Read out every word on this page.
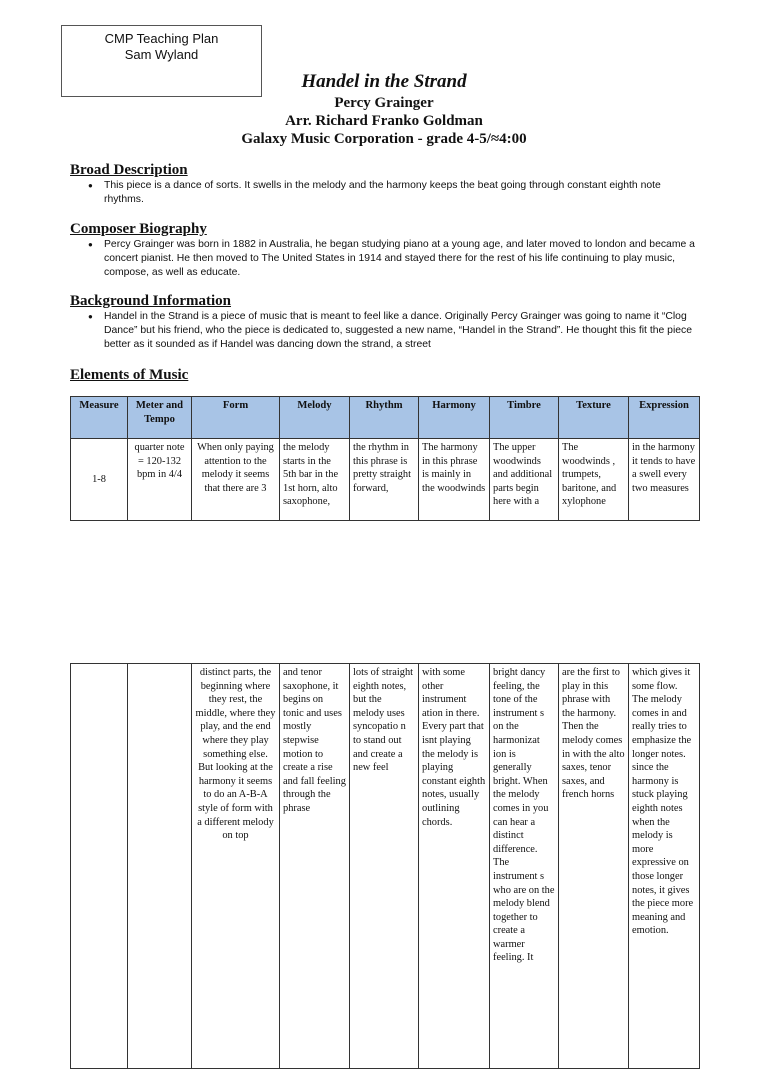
CMP Teaching Plan
Sam Wyland
Handel in the Strand
Percy Grainger
Arr. Richard Franko Goldman
Galaxy Music Corporation - grade 4-5/≈4:00
Broad Description
● This piece is a dance of sorts. It swells in the melody and the harmony keeps the beat going through constant eighth note rhythms.
Composer Biography
● Percy Grainger was born in 1882 in Australia, he began studying piano at a young age, and later moved to london and became a concert pianist. He then moved to The United States in 1914 and stayed there for the rest of his life continuing to play music, compose, as well as educate.
Background Information
● Handel in the Strand is a piece of music that is meant to feel like a dance. Originally Percy Grainger was going to name it “Clog Dance” but his friend, who the piece is dedicated to, suggested a new name, “Handel in the Strand”. He thought this fit the piece better as it sounded as if Handel was dancing down the strand, a street
Elements of Music
Measure	Meter and Tempo	Form	Melody	Rhythm	Harmony	Timbre	Texture	Expression
1-8	quarter note = 120-132 bpm in 4/4	When only paying attention to the melody it seems that there are 3	the melody starts in the 5th bar in the 1st horn, alto saxophone,	the rhythm in this phrase is pretty straight forward,	The harmony in this phrase is mainly in the woodwinds	The upper woodwinds and additional parts begin here with a	The woodwinds , trumpets, baritone, and xylophone	in the harmony it tends to have a swell every two measures
		distinct parts, the beginning where they rest, the middle, where they play, and the end where they play something else. But looking at the harmony it seems to do an A-B-A style of form with a different melody on top	and tenor saxophone, it begins on tonic and uses mostly stepwise motion to create a rise and fall feeling through the phrase	lots of straight eighth notes, but the melody uses syncopatio n to stand out and create a new feel	with some other instrument ation in there. Every part that isnt playing the melody is playing constant eighth notes, usually outlining chords.	bright dancy feeling, the tone of the instrument s on the harmonizat ion is generally bright. When the melody comes in you can hear a distinct difference. The instrument s who are on the melody blend together to create a warmer feeling. It	are the first to play in this phrase with the harmony. Then the melody comes in with the alto saxes, tenor saxes, and french horns	which gives it some flow. The melody comes in and really tries to emphasize the longer notes. since the harmony is stuck playing eighth notes when the melody is more expressive on those longer notes, it gives the piece more meaning and emotion.
